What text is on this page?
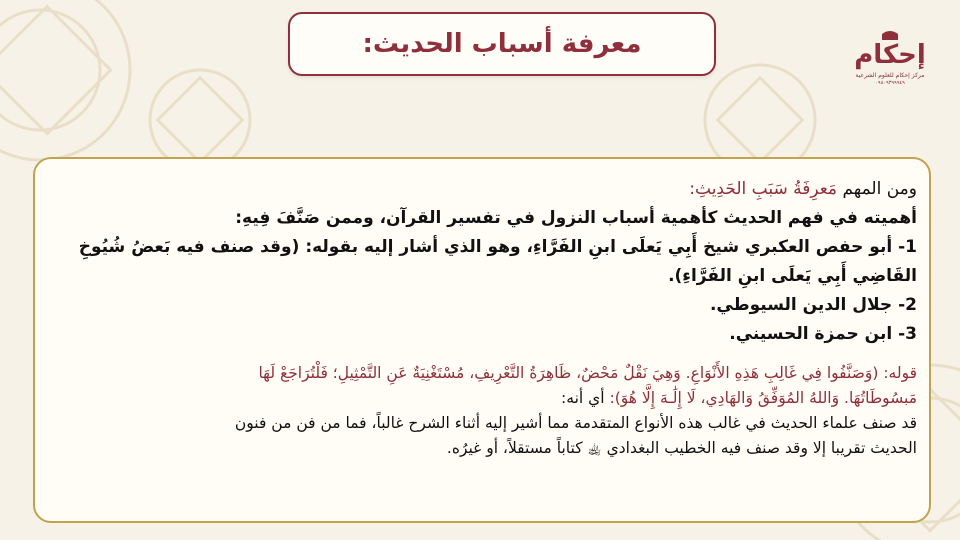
معرفة أسباب الحديث:	إحكام
مركز إحكام للعلوم الشرعية
٠٩٨٠٩٣٩٩٩٤٩

ومن المهم مَعرِفَةُ سَبَبِ الحَدِيثِ:

أهميته في فهم الحديث كأهمية أسباب النزول في تفسير القرآن، وممن صَنَّفَ فِيهِ:

1- أبو حفص العكبري شيخ أَبِي يَعلَى ابنِ الفَرَّاءِ، وهو الذي أشار إليه بقوله: (وقد صنف فيه بَعضُ شُيُوخِ

القَاضِي أَبِي يَعلَى ابنِ الفَرَّاءِ).

2- جلال الدين السيوطي.

3- ابن حمزة الحسيني.

قوله: (وَصَنَّفُوا فِي غَالِبِ هَذِهِ الأَنْوَاعِ. وَهِيَ نَقْلٌ مَحْضٌ، ظَاهِرَةُ التَّعْرِيفِ، مُسْتَغْنِيَةٌ عَنِ التَّمْثِيلِ؛ فَلْتُرَاجَعْ لَهَا

مَبسُوطَاتُهَا. وَاللهُ المُوَفِّقُ وَالهَادِي، لَا إِلَٰـهَ إِلَّا هُوَ): أي أنه:

قد صنف علماء الحديث في غالب هذه الأنواع المتقدمة مما أشير إليه أثناء الشرح غالباً، فما من فن من فنون

الحديث تقريبا إلا وقد صنف فيه الخطيب البغدادي ﵀ كتاباً مستقلاً، أو غيرُه.
